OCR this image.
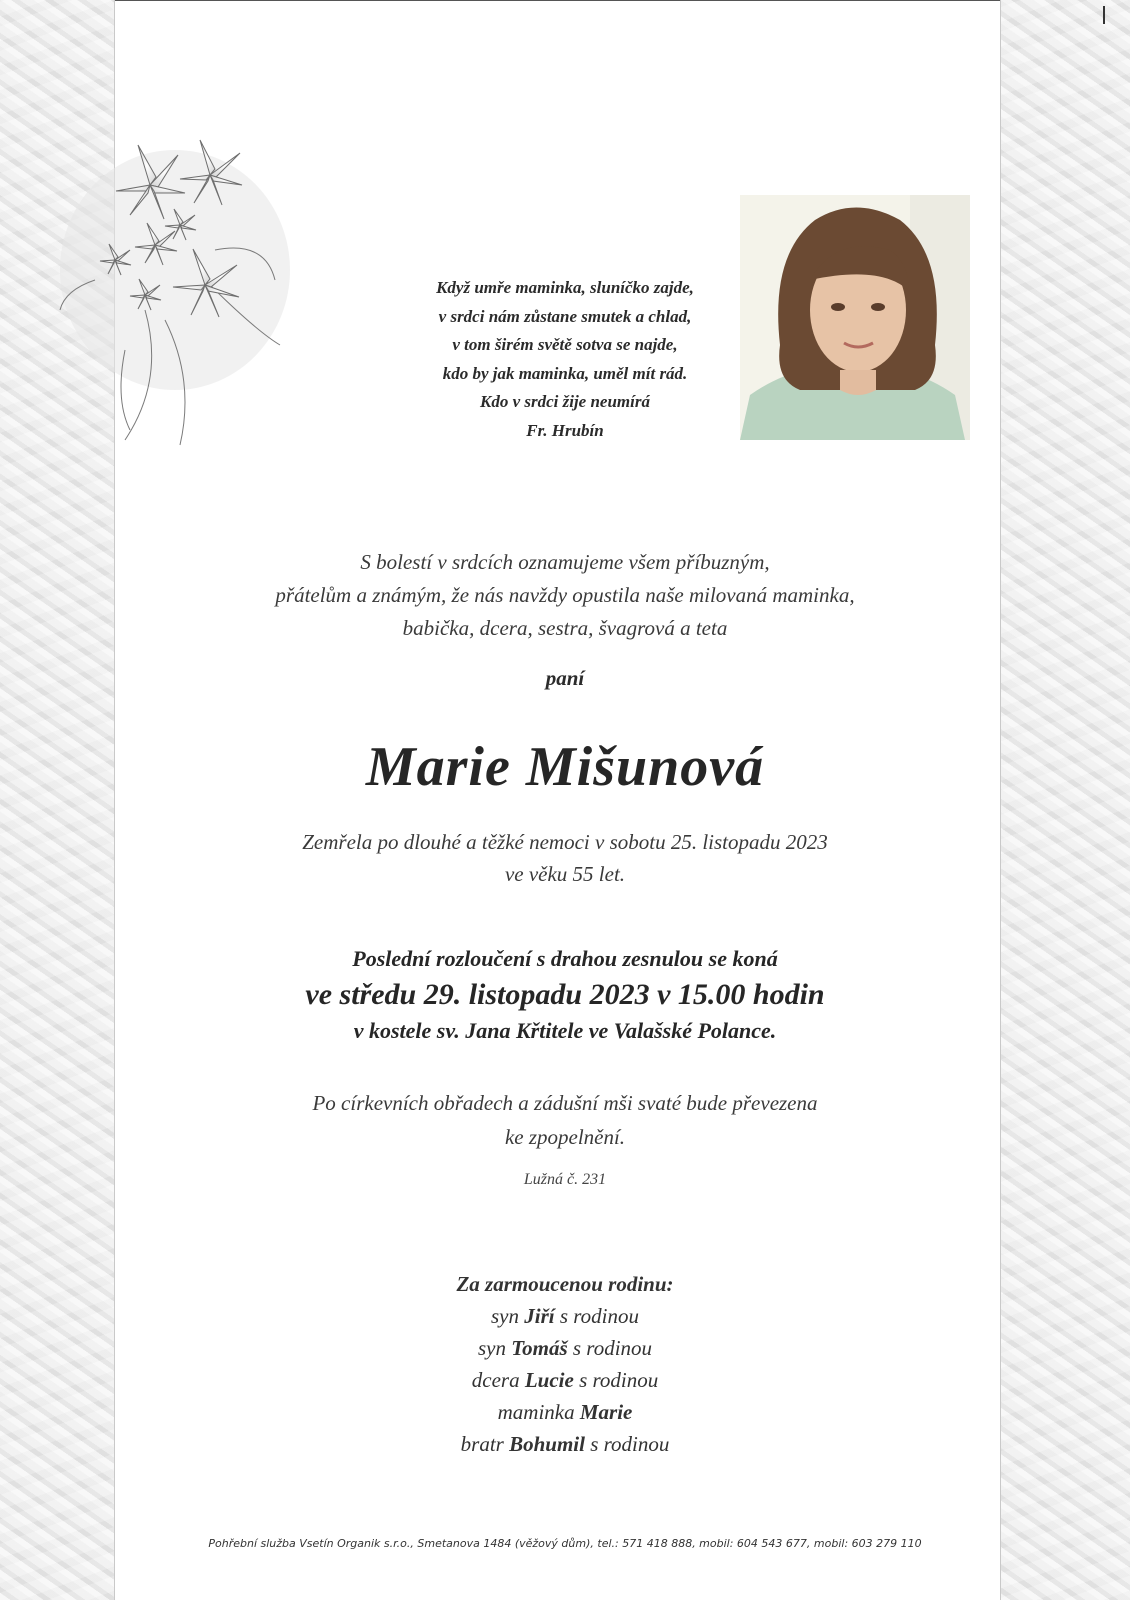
Když umře maminka, sluníčko zajde,
v srdci nám zůstane smutek a chlad,
v tom širém světě sotva se najde,
kdo by jak maminka, uměl mít rád.
Kdo v srdci žije neumírá
Fr. Hrubín
S bolestí v srdcích oznamujeme všem příbuzným,
přátelům a známým, že nás navždy opustila naše milovaná maminka,
babička, dcera, sestra, švagrová a teta
paní
Marie Mišunová
Zemřela po dlouhé a těžké nemoci v sobotu 25. listopadu 2023
ve věku 55 let.
Poslední rozloučení s drahou zesnulou se koná
ve středu 29. listopadu 2023 v 15.00 hodin
v kostele sv. Jana Křtitele ve Valašské Polance.
Po církevních obřadech a zádušní mši svaté bude převezena
ke zpopelnění.
Lužná č. 231
Za zarmoucenou rodinu:
syn Jiří s rodinou
syn Tomáš s rodinou
dcera Lucie s rodinou
maminka Marie
bratr Bohumil s rodinou
Pohřební služba Vsetín Organik s.r.o., Smetanova 1484 (věžový dům), tel.: 571 418 888, mobil: 604 543 677, mobil: 603 279 110
